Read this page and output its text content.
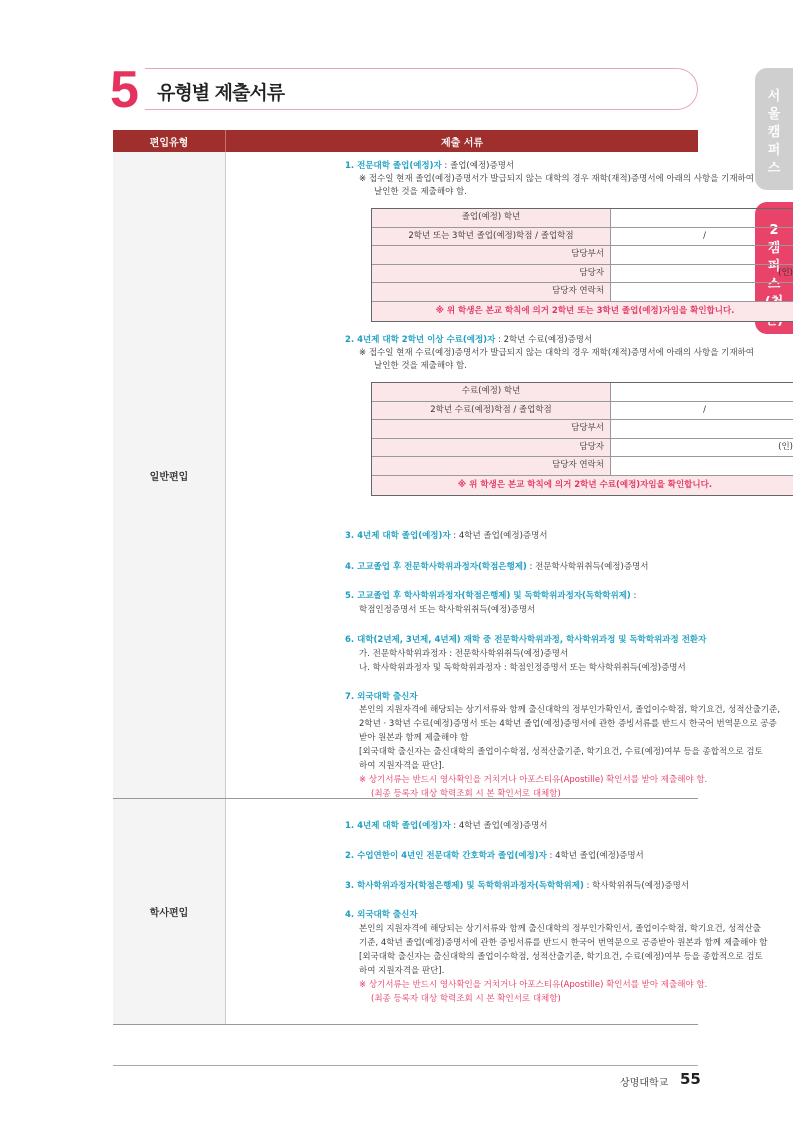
5 유형별 제출서류	서
울
캠
퍼
스
2
캠
퍼
스
편입유형	제출 서류
일반편입
1. 전문대학 졸업(예정)자 : 졸업(예정)증명서
※ 접수일 현재 졸업(예정)증명서가 발급되지 않는 대학의 경우 재학(재적)증명서에 아래의 사항을 기재하여
날인한 것을 제출해야 함.
졸업(예정) 학년
2학년 또는 3학년 졸업(예정)학점 / 졸업학점	/
담당부서
담당자	(인)
담당자 연락처
※ 위 학생은 본교 학칙에 의거 2학년 또는 3학년 졸업(예정)자임을 확인합니다.
2. 4년제 대학 2학년 이상 수료(예정)자 : 2학년 수료(예정)증명서
※ 접수일 현재 수료(예정)증명서가 발급되지 않는 대학의 경우 재학(재적)증명서에 아래의 사항을 기재하여
날인한 것을 제출해야 함.
수료(예정) 학년
2학년 수료(예정)학점 / 졸업학점	/
담당부서
담당자	(인)
담당자 연락처
※ 위 학생은 본교 학칙에 의거 2학년 수료(예정)자임을 확인합니다.
3. 4년제 대학 졸업(예정)자 : 4학년 졸업(예정)증명서
4. 고교졸업 후 전문학사학위과정자(학점은행제) : 전문학사학위취득(예정)증명서
5. 고교졸업 후 학사학위과정자(학점은행제) 및 독학학위과정자(독학학위제) :
학점인정증명서 또는 학사학위취득(예정)증명서
6. 대학(2년제, 3년제, 4년제) 재학 중 전문학사학위과정, 학사학위과정 및 독학학위과정 전환자
가. 전문학사학위과정자 : 전문학사학위취득(예정)증명서
나. 학사학위과정자 및 독학학위과정자 : 학점인정증명서 또는 학사학위취득(예정)증명서
7. 외국대학 출신자
본인의 지원자격에 해당되는 상기서류와 함께 출신대학의 정부인가확인서, 졸업이수학점, 학기요건, 성적산출기준,
2학년 · 3학년 수료(예정)증명서 또는 4학년 졸업(예정)증명서에 관한 증빙서류를 반드시 한국어 번역문으로 공증
받아 원본과 함께 제출해야 함
[외국대학 출신자는 출신대학의 졸업이수학점, 성적산출기준, 학기요건, 수료(예정)여부 등을 종합적으로 검토
하여 지원자격을 판단].
※ 상기서류는 반드시 영사확인을 거치거나 아포스티유(Apostille) 확인서를 받아 제출해야 함.
(최종 등록자 대상 학력조회 시 본 확인서로 대체함)
학사편입
1. 4년제 대학 졸업(예정)자 : 4학년 졸업(예정)증명서
2. 수업연한이 4년인 전문대학 간호학과 졸업(예정)자 : 4학년 졸업(예정)증명서
3. 학사학위과정자(학점은행제) 및 독학학위과정자(독학학위제) : 학사학위취득(예정)증명서
4. 외국대학 출신자
본인의 지원자격에 해당되는 상기서류와 함께 출신대학의 정부인가확인서, 졸업이수학점, 학기요건, 성적산출
기준, 4학년 졸업(예정)증명서에 관한 증빙서류를 반드시 한국어 번역문으로 공증받아 원본과 함께 제출해야 함
[외국대학 출신자는 출신대학의 졸업이수학점, 성적산출기준, 학기요건, 수료(예정)여부 등을 종합적으로 검토
하여 지원자격을 판단].
※ 상기서류는 반드시 영사확인을 거치거나 아포스티유(Apostille) 확인서를 받아 제출해야 함.
(최종 등록자 대상 학력조회 시 본 확인서로 대체함)
상명대학교 55
